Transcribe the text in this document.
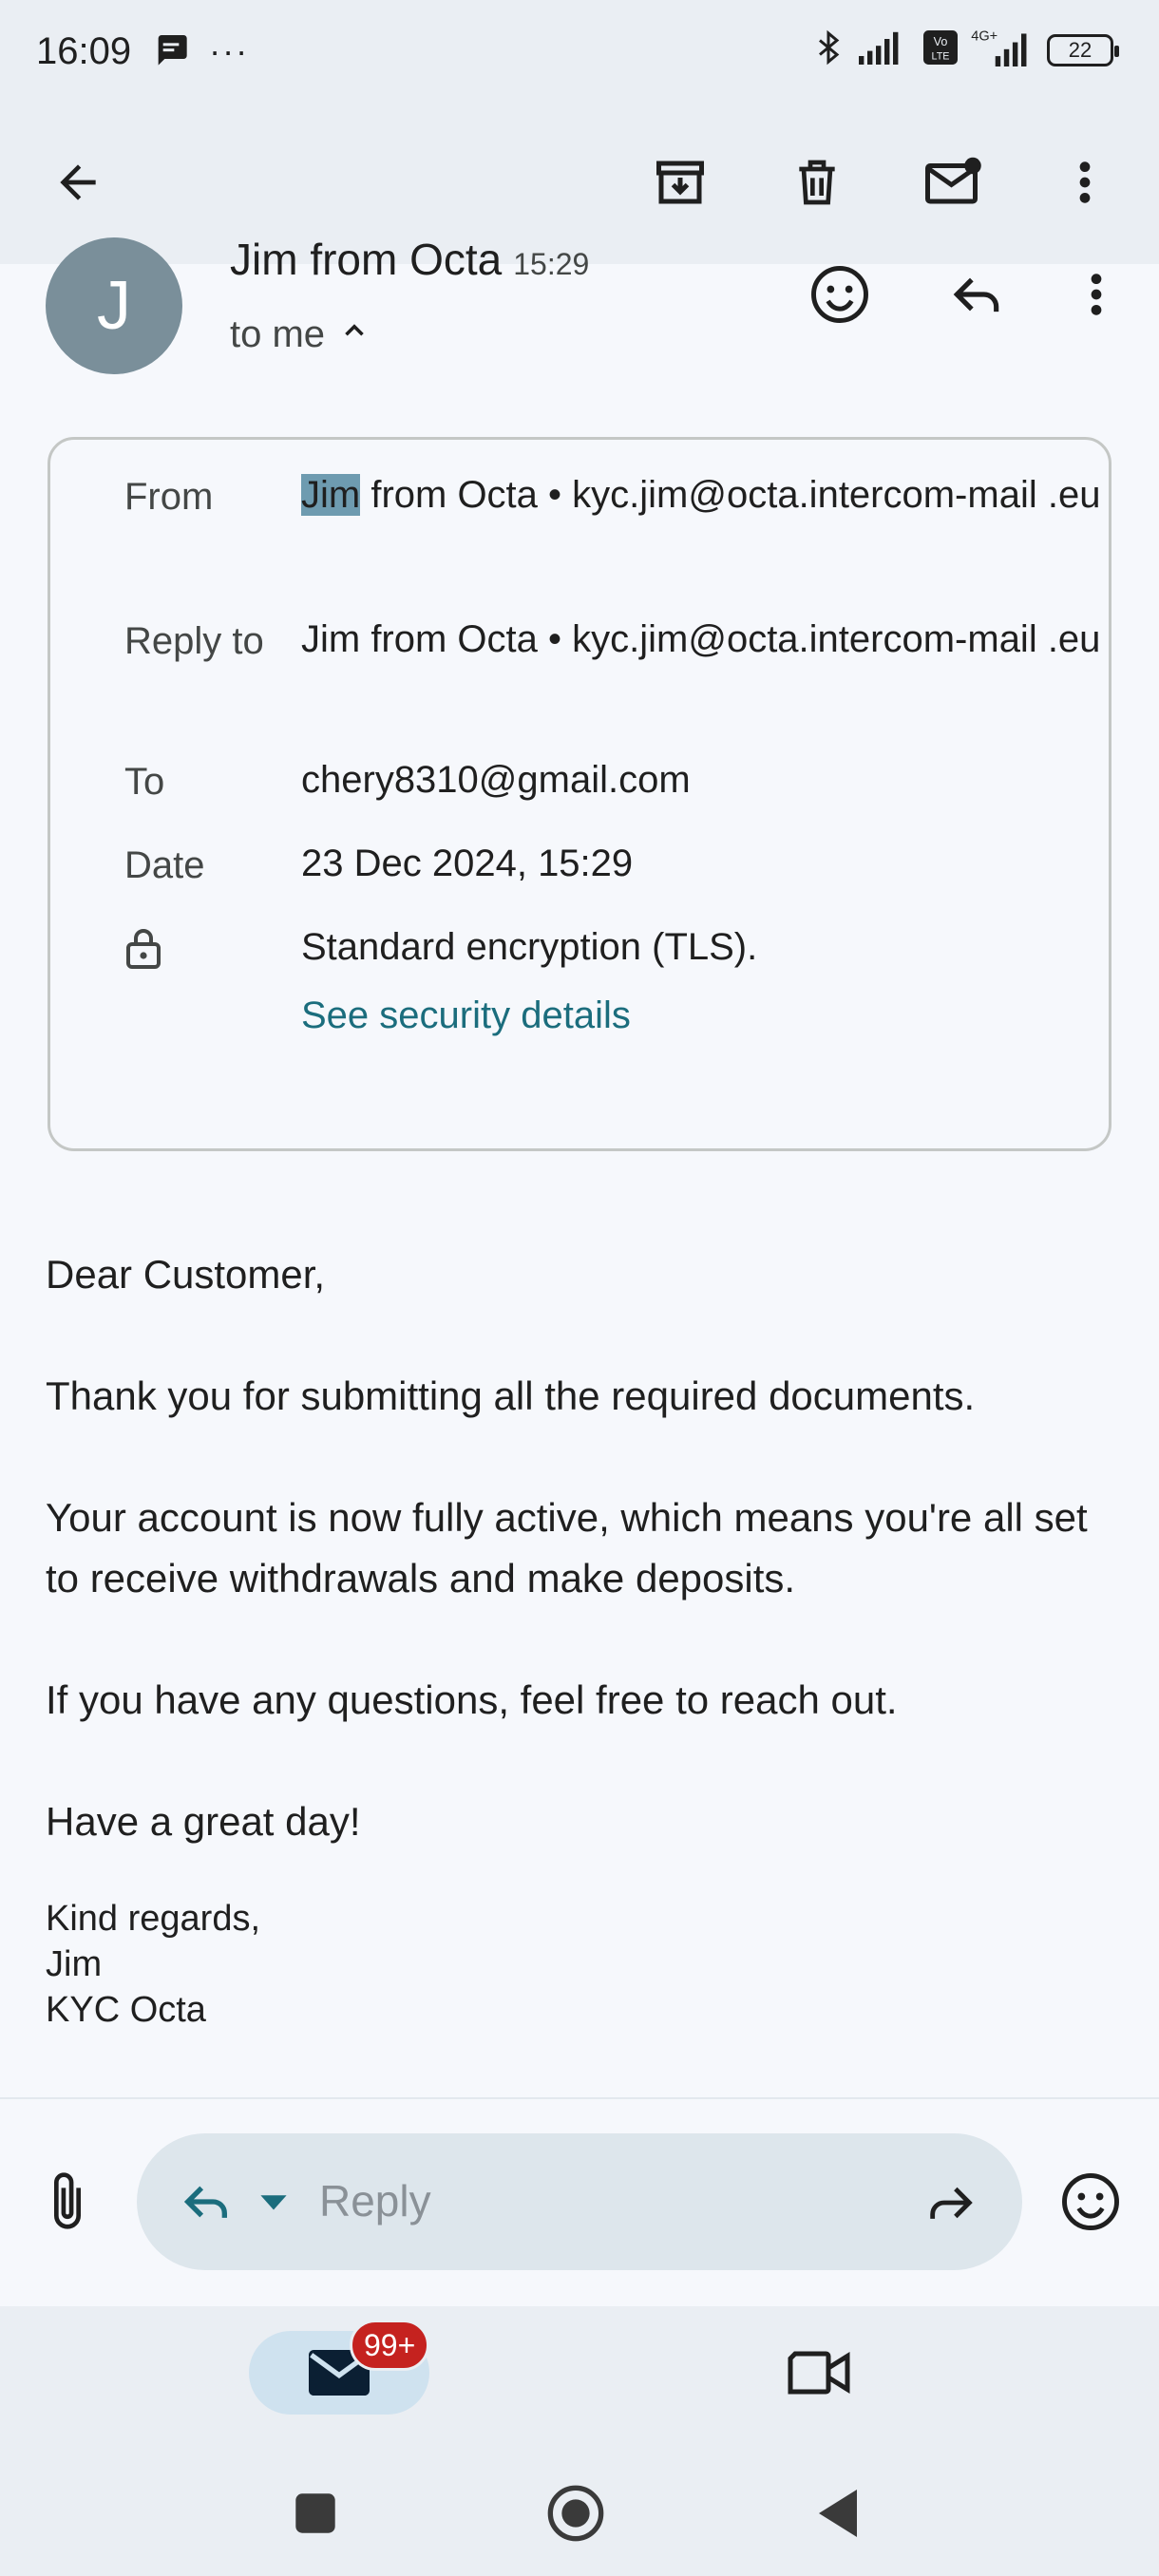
16:09 ···	Vo
LTE
4G+
22
J
Jim from Octa 15:29
to me
From Jim from Octa • kyc.jim@octa.intercom-mail .eu
Reply to Jim from Octa • kyc.jim@octa.intercom-mail .eu
To	chery8310@gmail.com
Date	23 Dec 2024, 15:29
Standard encryption (TLS).
See security details
Dear Customer,
Thank you for submitting all the required documents.
Your account is now fully active, which means you're all set to receive withdrawals and make deposits.
If you have any questions, feel free to reach out.
Have a great day!
Kind regards,
Jim
KYC Octa
Reply
99+
